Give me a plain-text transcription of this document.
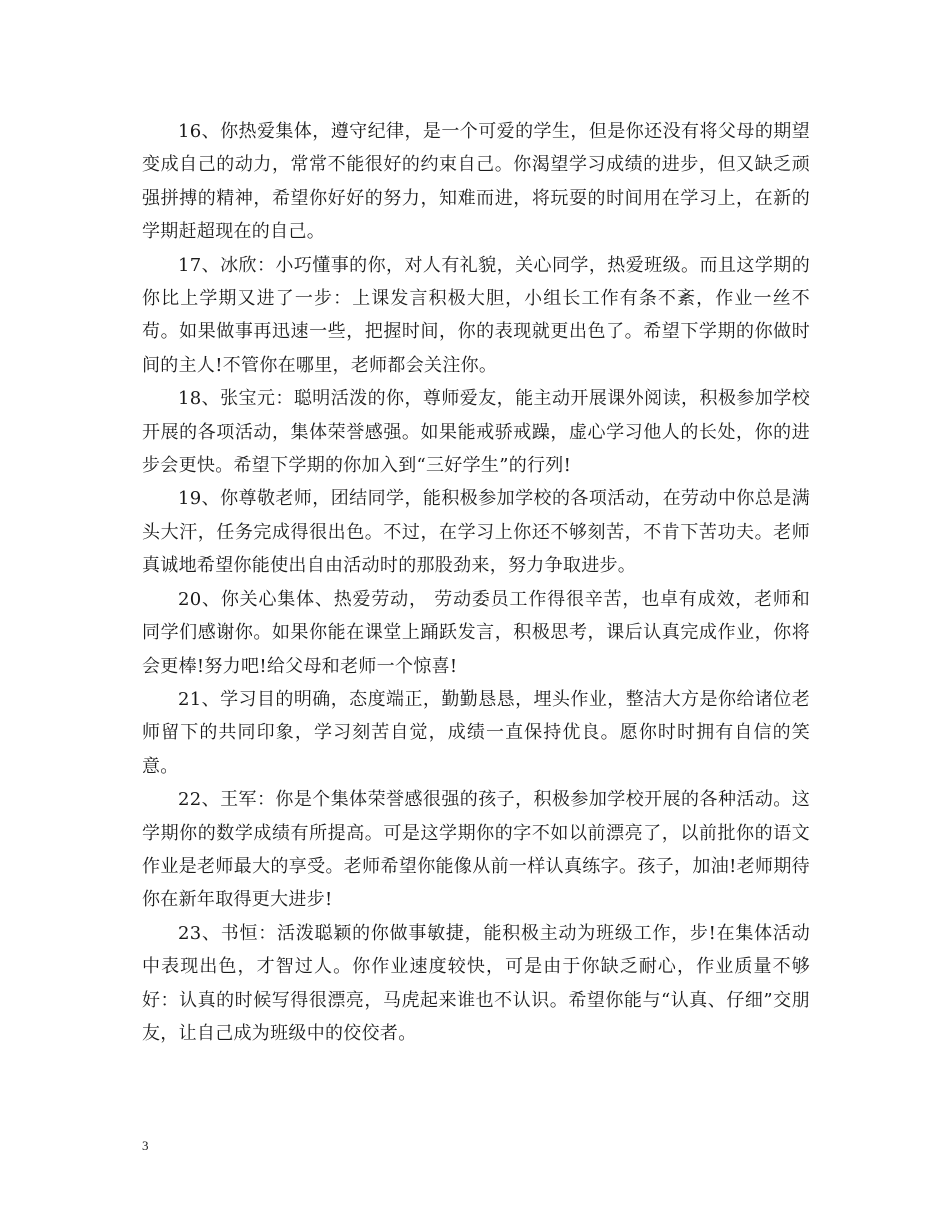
16、你热爱集体，遵守纪律，是一个可爱的学生，但是你还没有将父母的期望变成自己的动力，常常不能很好的约束自己。你渴望学习成绩的进步，但又缺乏顽强拼搏的精神，希望你好好的努力，知难而进，将玩耍的时间用在学习上，在新的学期赶超现在的自己。

17、冰欣：小巧懂事的你，对人有礼貌，关心同学，热爱班级。而且这学期的你比上学期又进了一步：上课发言积极大胆，小组长工作有条不紊，作业一丝不苟。如果做事再迅速一些，把握时间，你的表现就更出色了。希望下学期的你做时间的主人!不管你在哪里，老师都会关注你。

18、张宝元：聪明活泼的你，尊师爱友，能主动开展课外阅读，积极参加学校开展的各项活动，集体荣誉感强。如果能戒骄戒躁，虚心学习他人的长处，你的进步会更快。希望下学期的你加入到“三好学生”的行列!

19、你尊敬老师，团结同学，能积极参加学校的各项活动，在劳动中你总是满头大汗，任务完成得很出色。不过，在学习上你还不够刻苦，不肯下苦功夫。老师真诚地希望你能使出自由活动时的那股劲来，努力争取进步。

20、你关心集体、热爱劳动， 劳动委员工作得很辛苦，也卓有成效，老师和同学们感谢你。如果你能在课堂上踊跃发言，积极思考，课后认真完成作业，你将会更棒!努力吧!给父母和老师一个惊喜!

21、学习目的明确，态度端正，勤勤恳恳，埋头作业，整洁大方是你给诸位老师留下的共同印象，学习刻苦自觉，成绩一直保持优良。愿你时时拥有自信的笑意。

22、王军：你是个集体荣誉感很强的孩子，积极参加学校开展的各种活动。这学期你的数学成绩有所提高。可是这学期你的字不如以前漂亮了，以前批你的语文作业是老师最大的享受。老师希望你能像从前一样认真练字。孩子，加油!老师期待你在新年取得更大进步!

23、书恒：活泼聪颖的你做事敏捷，能积极主动为班级工作，步!在集体活动中表现出色，才智过人。你作业速度较快，可是由于你缺乏耐心，作业质量不够好：认真的时候写得很漂亮，马虎起来谁也不认识。希望你能与“认真、仔细”交朋友，让自己成为班级中的佼佼者。

3
